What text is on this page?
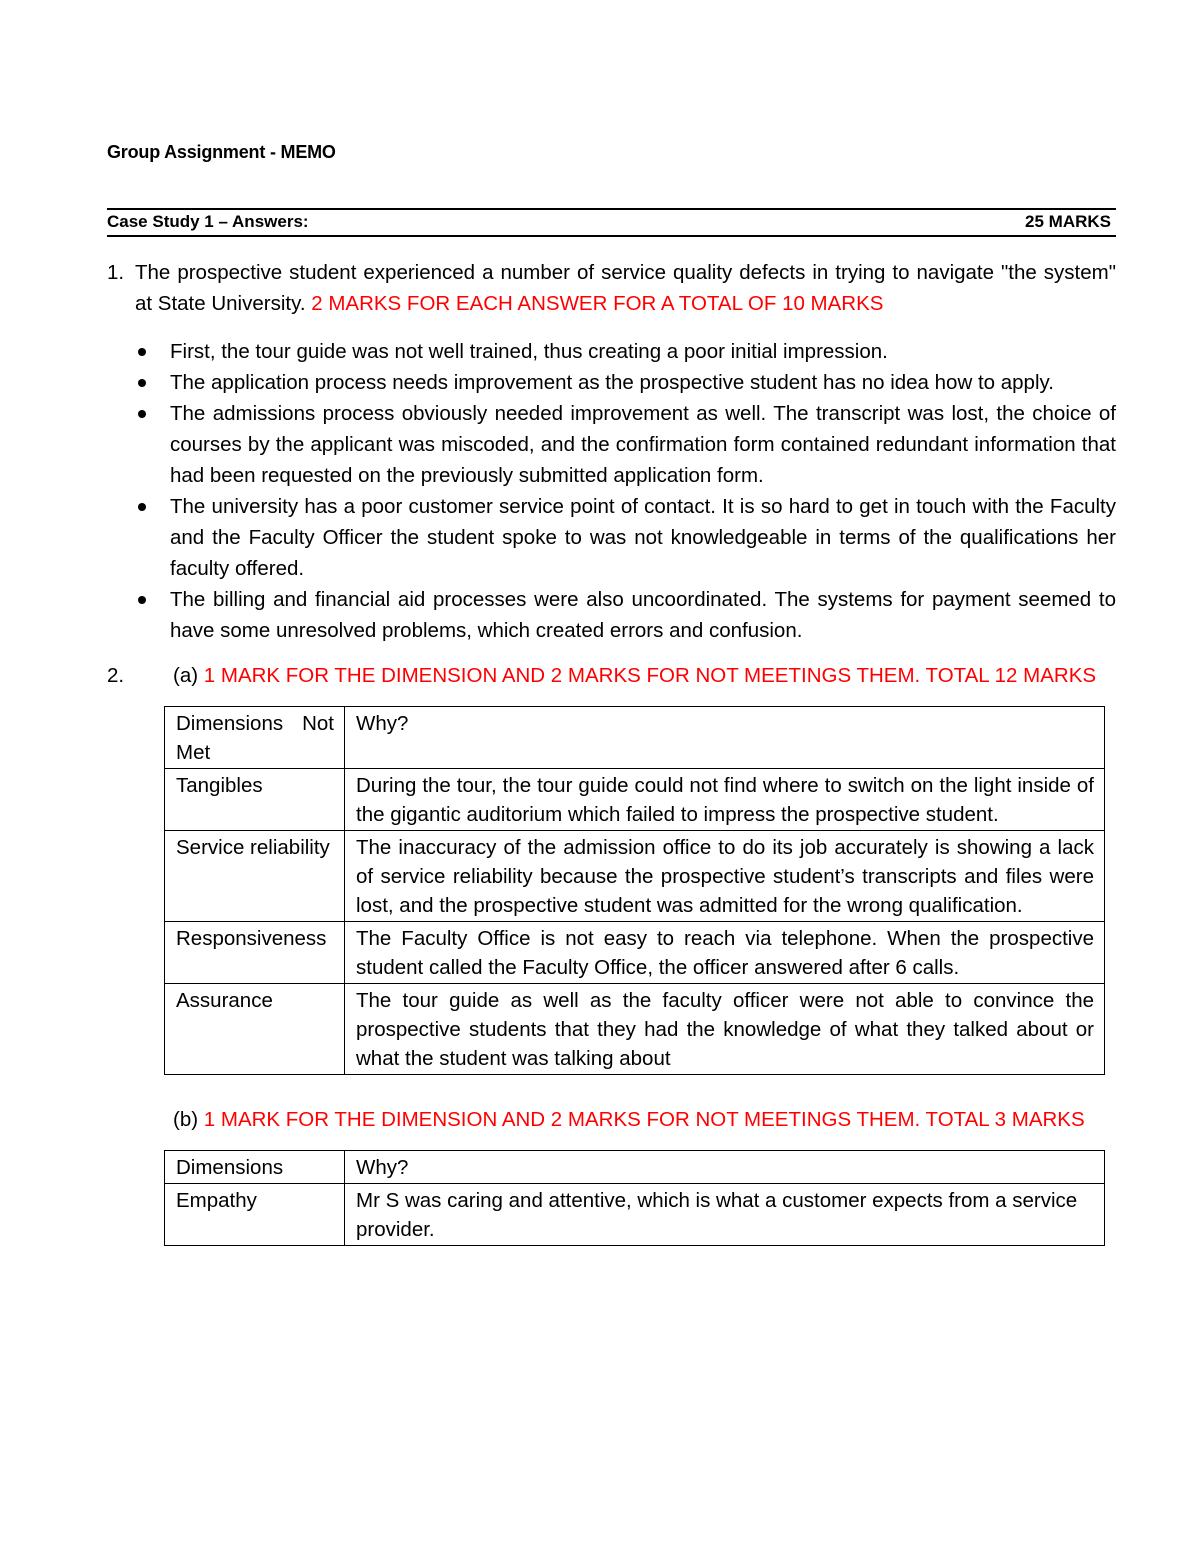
Group Assignment - MEMO
Case Study 1 – Answers:	25 MARKS
1. The prospective student experienced a number of service quality defects in trying to navigate "the system" at State University. 2 MARKS FOR EACH ANSWER FOR A TOTAL OF 10 MARKS
First, the tour guide was not well trained, thus creating a poor initial impression.
The application process needs improvement as the prospective student has no idea how to apply.
The admissions process obviously needed improvement as well. The transcript was lost, the choice of courses by the applicant was miscoded, and the confirmation form contained redundant information that had been requested on the previously submitted application form.
The university has a poor customer service point of contact. It is so hard to get in touch with the Faculty and the Faculty Officer the student spoke to was not knowledgeable in terms of the qualifications her faculty offered.
The billing and financial aid processes were also uncoordinated. The systems for payment seemed to have some unresolved problems, which created errors and confusion.
2. (a) 1 MARK FOR THE DIMENSION AND 2 MARKS FOR NOT MEETINGS THEM. TOTAL 12 MARKS
Dimensions Not Met	Why?
Tangibles	During the tour, the tour guide could not find where to switch on the light inside of the gigantic auditorium which failed to impress the prospective student.
Service reliability	The inaccuracy of the admission office to do its job accurately is showing a lack of service reliability because the prospective student’s transcripts and files were lost, and the prospective student was admitted for the wrong qualification.
Responsiveness	The Faculty Office is not easy to reach via telephone. When the prospective student called the Faculty Office, the officer answered after 6 calls.
Assurance	The tour guide as well as the faculty officer were not able to convince the prospective students that they had the knowledge of what they talked about or what the student was talking about
(b) 1 MARK FOR THE DIMENSION AND 2 MARKS FOR NOT MEETINGS THEM. TOTAL 3 MARKS
Dimensions	Why?
Empathy	Mr S was caring and attentive, which is what a customer expects from a service provider.
